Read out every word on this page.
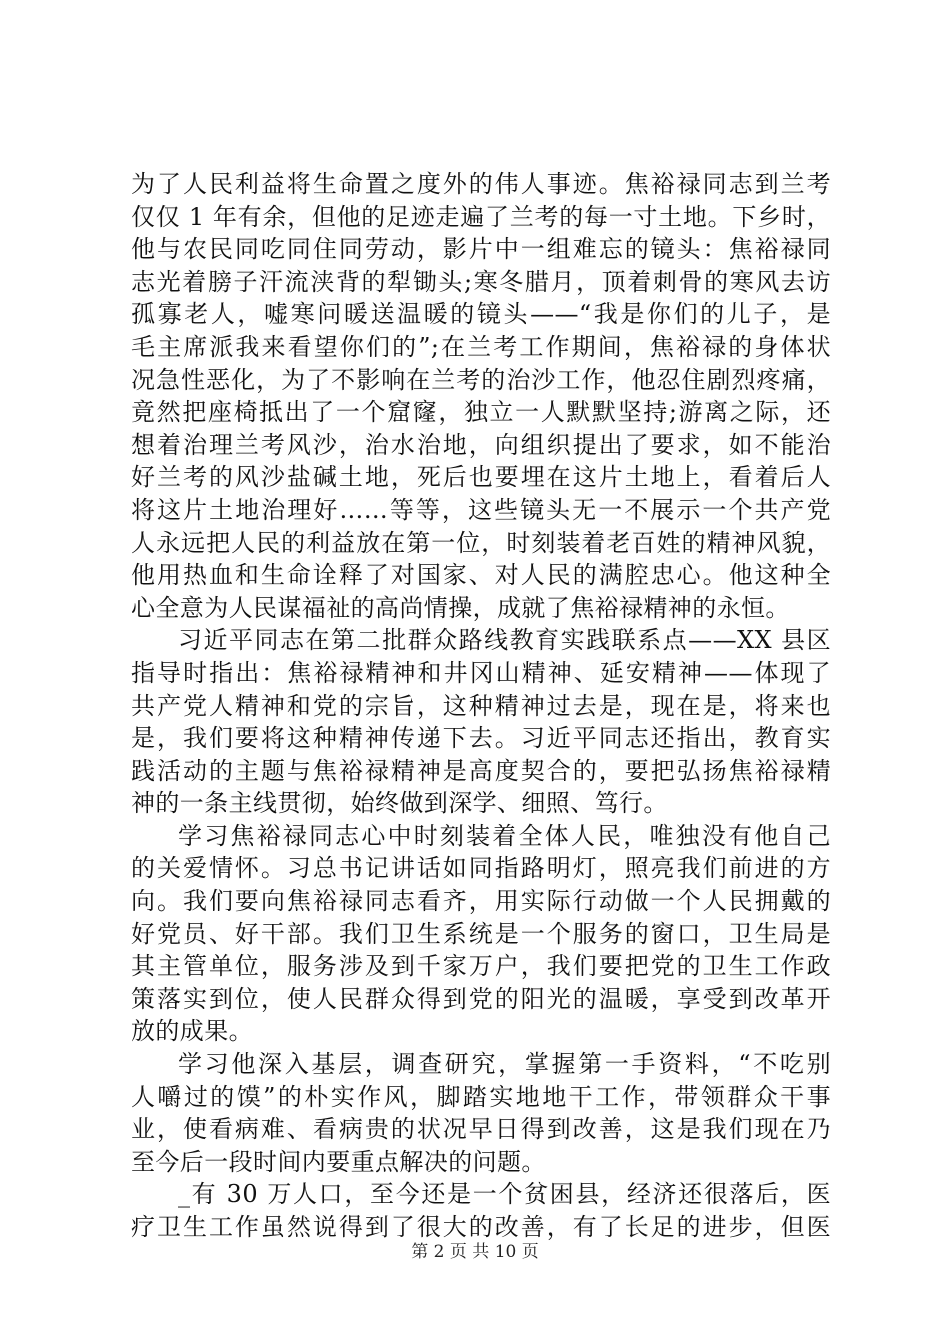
为了人民利益将生命置之度外的伟人事迹。焦裕禄同志到兰考
仅仅 1 年有余，但他的足迹走遍了兰考的每一寸土地。下乡时，
他与农民同吃同住同劳动，影片中一组难忘的镜头：焦裕禄同
志光着膀子汗流浃背的犁锄头;寒冬腊月，顶着刺骨的寒风去访
孤寡老人，嘘寒问暖送温暖的镜头——“我是你们的儿子，是
毛主席派我来看望你们的”;在兰考工作期间，焦裕禄的身体状
况急性恶化，为了不影响在兰考的治沙工作，他忍住剧烈疼痛，
竟然把座椅抵出了一个窟窿，独立一人默默坚持;游离之际，还
想着治理兰考风沙，治水治地，向组织提出了要求，如不能治
好兰考的风沙盐碱土地，死后也要埋在这片土地上，看着后人
将这片土地治理好……等等，这些镜头无一不展示一个共产党
人永远把人民的利益放在第一位，时刻装着老百姓的精神风貌，
他用热血和生命诠释了对国家、对人民的满腔忠心。他这种全
心全意为人民谋福祉的高尚情操，成就了焦裕禄精神的永恒。
习近平同志在第二批群众路线教育实践联系点——XX 县区
指导时指出：焦裕禄精神和井冈山精神、延安精神——体现了
共产党人精神和党的宗旨，这种精神过去是，现在是，将来也
是，我们要将这种精神传递下去。习近平同志还指出，教育实
践活动的主题与焦裕禄精神是高度契合的，要把弘扬焦裕禄精
神的一条主线贯彻，始终做到深学、细照、笃行。
学习焦裕禄同志心中时刻装着全体人民，唯独没有他自己
的关爱情怀。习总书记讲话如同指路明灯，照亮我们前进的方
向。我们要向焦裕禄同志看齐，用实际行动做一个人民拥戴的
好党员、好干部。我们卫生系统是一个服务的窗口，卫生局是
其主管单位，服务涉及到千家万户，我们要把党的卫生工作政
策落实到位，使人民群众得到党的阳光的温暖，享受到改革开
放的成果。
学习他深入基层，调查研究，掌握第一手资料，“不吃别
人嚼过的馍”的朴实作风，脚踏实地地干工作，带领群众干事
业，使看病难、看病贵的状况早日得到改善，这是我们现在乃
至今后一段时间内要重点解决的问题。
_有 30 万人口，至今还是一个贫困县，经济还很落后，医
疗卫生工作虽然说得到了很大的改善，有了长足的进步，但医
第 2 页 共 10 页
